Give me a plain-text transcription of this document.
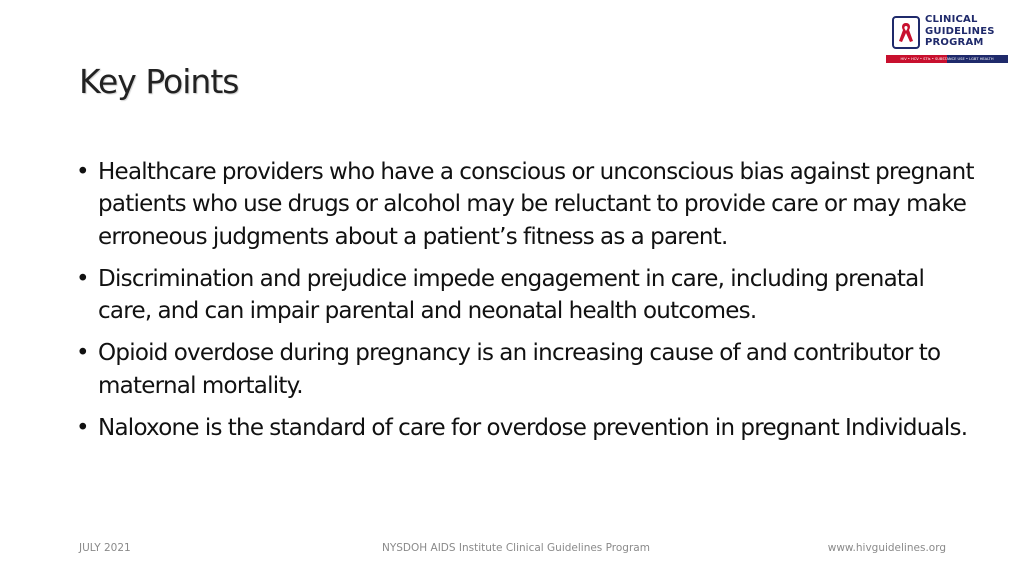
Key Points
CLINICAL
GUIDELINES
PROGRAM
HIV • HCV • STIs • SUBSTANCE USE • LGBT HEALTH
• Healthcare providers who have a conscious or unconscious bias against pregnant patients who use drugs or alcohol may be reluctant to provide care or may make erroneous judgments about a patient’s fitness as a parent.
• Discrimination and prejudice impede engagement in care, including prenatal care, and can impair parental and neonatal health outcomes.
• Opioid overdose during pregnancy is an increasing cause of and contributor to maternal mortality.
• Naloxone is the standard of care for overdose prevention in pregnant Individuals.
JULY 2021	NYSDOH AIDS Institute Clinical Guidelines Program	www.hivguidelines.org
